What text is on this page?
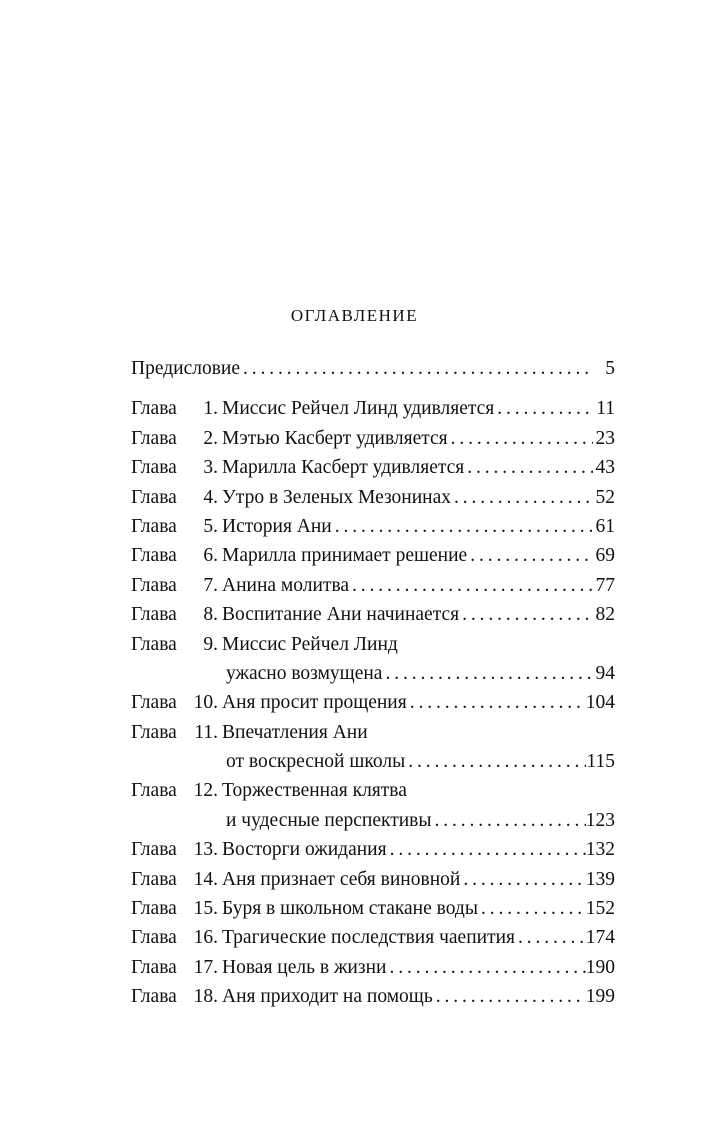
ОГЛАВЛЕНИЕ
Предисловие . . .	5
Глава	1. Миссис Рейчел Линд удивляется . . .	11
Глава	2. Мэтью Касберт удивляется . . .	23
Глава	3. Марилла Касберт удивляется . . .	43
Глава	4. Утро в Зеленых Мезонинах . . .	52
Глава	5. История Ани . . .	61
Глава	6. Марилла принимает решение . . .	69
Глава	7. Анина молитва . . .	77
Глава	8. Воспитание Ани начинается . . .	82
Глава	9. Миссис Рейчел Линд
ужасно возмущена . . .	94
Глава 10. Аня просит прощения . . .	104
Глава 11. Впечатления Ани
от воскресной школы . . .	115
Глава 12. Торжественная клятва
и чудесные перспективы . . .	123
Глава 13. Восторги ожидания . . .	132
Глава 14. Аня признает себя виновной . . .	139
Глава 15. Буря в школьном стакане воды . . .	152
Глава 16. Трагические последствия чаепития . . .	174
Глава 17. Новая цель в жизни . . .	190
Глава 18. Аня приходит на помощь . . .	199
